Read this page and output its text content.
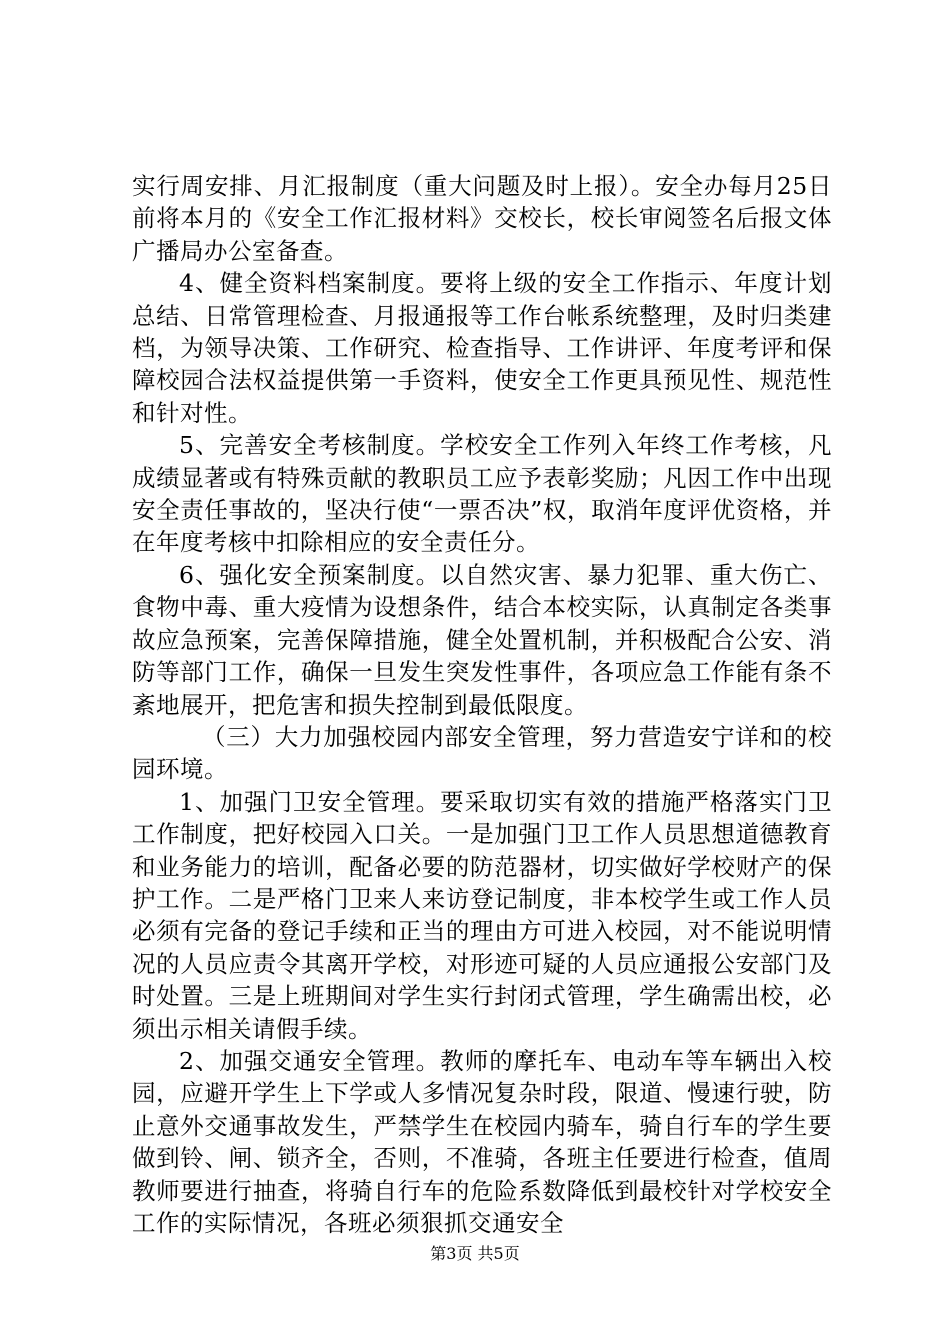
实行周安排、月汇报制度（重大问题及时上报）。安全办每月25日前将本月的《安全工作汇报材料》交校长，校长审阅签名后报文体广播局办公室备查。

4、健全资料档案制度。要将上级的安全工作指示、年度计划总结、日常管理检查、月报通报等工作台帐系统整理，及时归类建档，为领导决策、工作研究、检查指导、工作讲评、年度考评和保障校园合法权益提供第一手资料，使安全工作更具预见性、规范性和针对性。

5、完善安全考核制度。学校安全工作列入年终工作考核，凡成绩显著或有特殊贡献的教职员工应予表彰奖励；凡因工作中出现安全责任事故的，坚决行使“一票否决”权，取消年度评优资格，并在年度考核中扣除相应的安全责任分。

6、强化安全预案制度。以自然灾害、暴力犯罪、重大伤亡、食物中毒、重大疫情为设想条件，结合本校实际，认真制定各类事故应急预案，完善保障措施，健全处置机制，并积极配合公安、消防等部门工作，确保一旦发生突发性事件，各项应急工作能有条不紊地展开，把危害和损失控制到最低限度。

（三）大力加强校园内部安全管理，努力营造安宁详和的校园环境。

1、加强门卫安全管理。要采取切实有效的措施严格落实门卫工作制度，把好校园入口关。一是加强门卫工作人员思想道德教育和业务能力的培训，配备必要的防范器材，切实做好学校财产的保护工作。二是严格门卫来人来访登记制度，非本校学生或工作人员必须有完备的登记手续和正当的理由方可进入校园，对不能说明情况的人员应责令其离开学校，对形迹可疑的人员应通报公安部门及时处置。三是上班期间对学生实行封闭式管理，学生确需出校，必须出示相关请假手续。

2、加强交通安全管理。教师的摩托车、电动车等车辆出入校园，应避开学生上下学或人多情况复杂时段，限道、慢速行驶，防止意外交通事故发生，严禁学生在校园内骑车，骑自行车的学生要做到铃、闸、锁齐全，否则，不准骑，各班主任要进行检查，值周教师要进行抽查，将骑自行车的危险系数降低到最校针对学校安全工作的实际情况，各班必须狠抓交通安全

第3页 共5页
